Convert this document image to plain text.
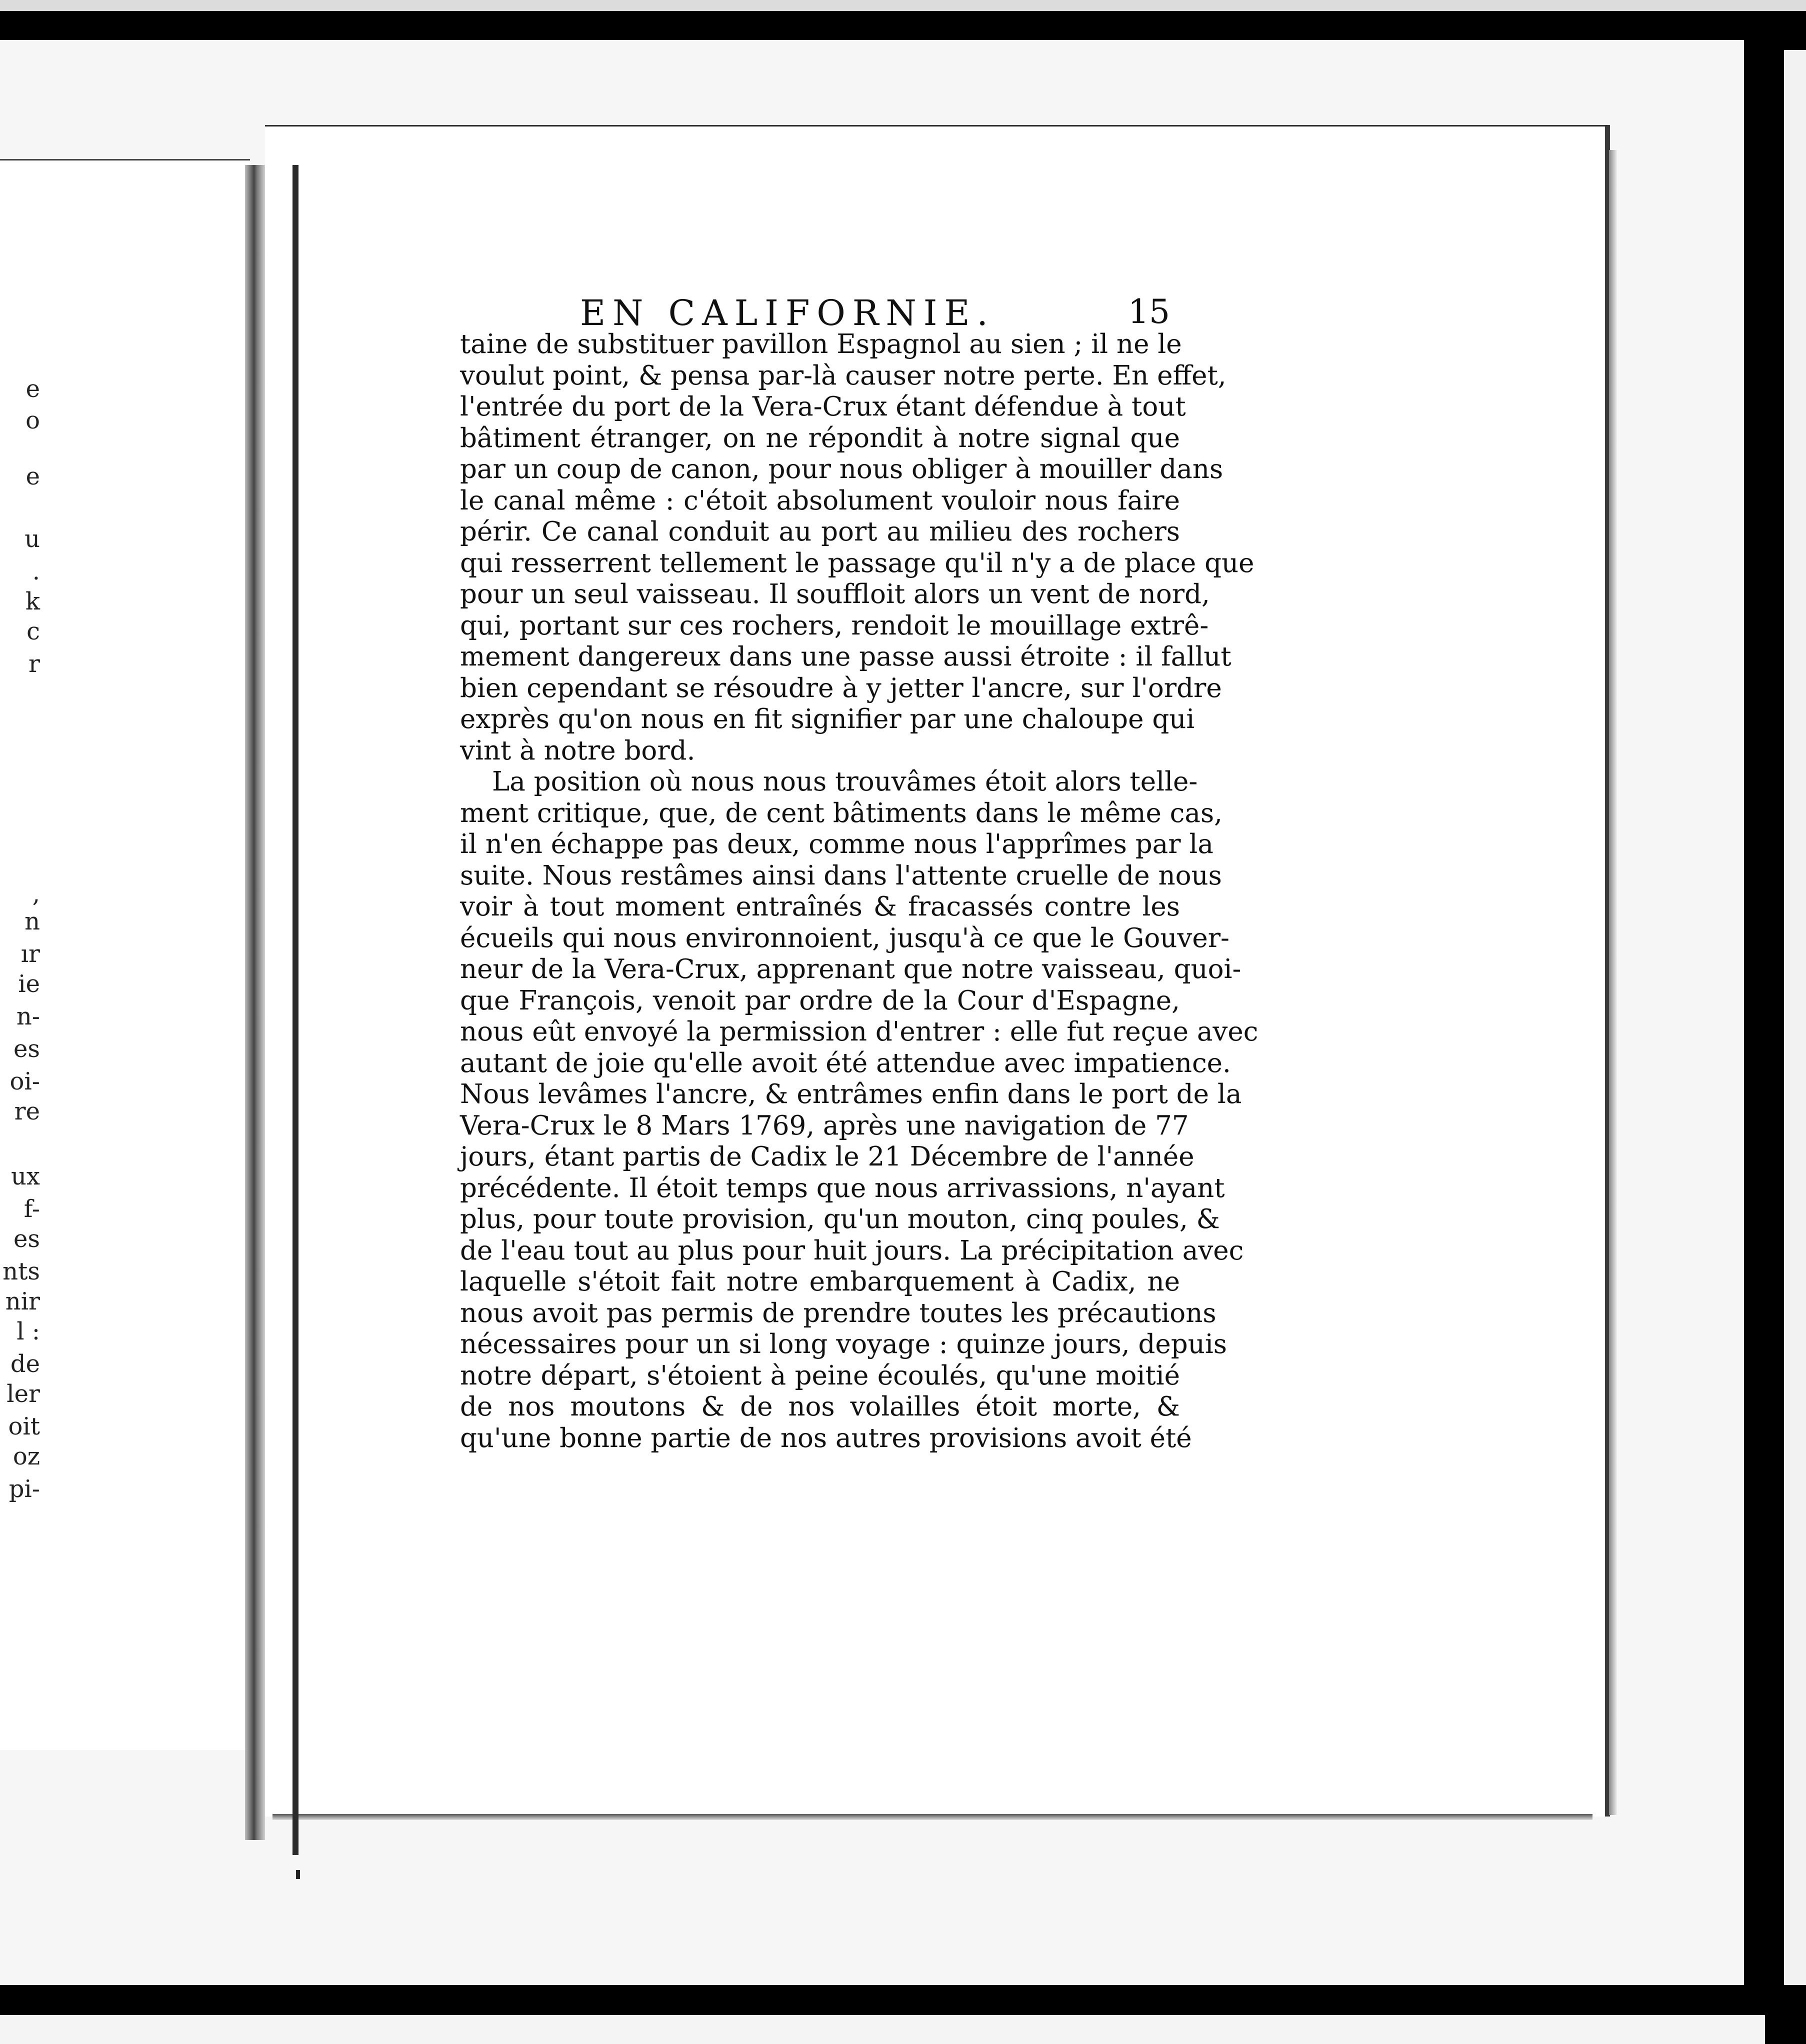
e
o
e
u
.
k
c
r
,
n
ır
ie
n-
es
oi-
re
ux
f-
es
nts
nir
l :
de
ler
oit
oz
pi-
EN CALIFORNIE.	15
taine de substituer pavillon Espagnol au sien ; il ne le
voulut point, & pensa par-là causer notre perte. En effet,
l'entrée du port de la Vera-Crux étant défendue à tout
bâtiment étranger, on ne répondit à notre signal que
par un coup de canon, pour nous obliger à mouiller dans
le canal même : c'étoit absolument vouloir nous faire
périr. Ce canal conduit au port au milieu des rochers
qui resserrent tellement le passage qu'il n'y a de place que
pour un seul vaisseau. Il souffloit alors un vent de nord,
qui, portant sur ces rochers, rendoit le mouillage extrê-
mement dangereux dans une passe aussi étroite : il fallut
bien cependant se résoudre à y jetter l'ancre, sur l'ordre
exprès qu'on nous en fit signifier par une chaloupe qui
vint à notre bord.
La position où nous nous trouvâmes étoit alors telle-
ment critique, que, de cent bâtiments dans le même cas,
il n'en échappe pas deux, comme nous l'apprîmes par la
suite. Nous restâmes ainsi dans l'attente cruelle de nous
voir à tout moment entraînés & fracassés contre les
écueils qui nous environnoient, jusqu'à ce que le Gouver-
neur de la Vera-Crux, apprenant que notre vaisseau, quoi-
que François, venoit par ordre de la Cour d'Espagne,
nous eût envoyé la permission d'entrer : elle fut reçue avec
autant de joie qu'elle avoit été attendue avec impatience.
Nous levâmes l'ancre, & entrâmes enfin dans le port de la
Vera-Crux le 8 Mars 1769, après une navigation de 77
jours, étant partis de Cadix le 21 Décembre de l'année
précédente. Il étoit temps que nous arrivassions, n'ayant
plus, pour toute provision, qu'un mouton, cinq poules, &
de l'eau tout au plus pour huit jours. La précipitation avec
laquelle s'étoit fait notre embarquement à Cadix, ne
nous avoit pas permis de prendre toutes les précautions
nécessaires pour un si long voyage : quinze jours, depuis
notre départ, s'étoient à peine écoulés, qu'une moitié
de nos moutons & de nos volailles étoit morte, &
qu'une bonne partie de nos autres provisions avoit été
